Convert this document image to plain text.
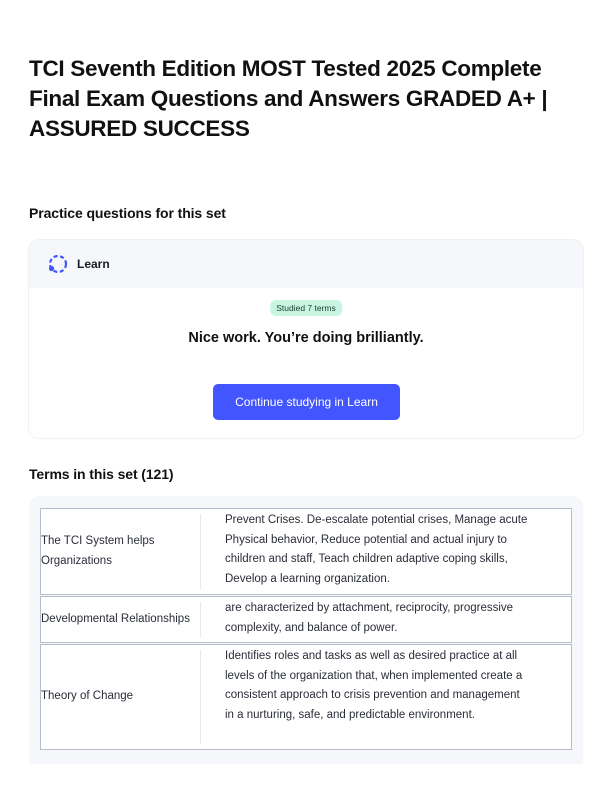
TCI Seventh Edition MOST Tested 2025 Complete Final Exam Questions and Answers GRADED A+ | ASSURED SUCCESS
Practice questions for this set
Learn
Studied 7 terms
Nice work. You’re doing brilliantly.
Continue studying in Learn
Terms in this set (121)
The TCI System helps Organizations
Prevent Crises. De-escalate potential crises, Manage acute Physical behavior, Reduce potential and actual injury to children and staff, Teach children adaptive coping skills, Develop a learning organization.
Developmental Relationships
are characterized by attachment, reciprocity, progressive complexity, and balance of power.
Theory of Change
Identifies roles and tasks as well as desired practice at all levels of the organization that, when implemented create a consistent approach to crisis prevention and management in a nurturing, safe, and predictable environment.
